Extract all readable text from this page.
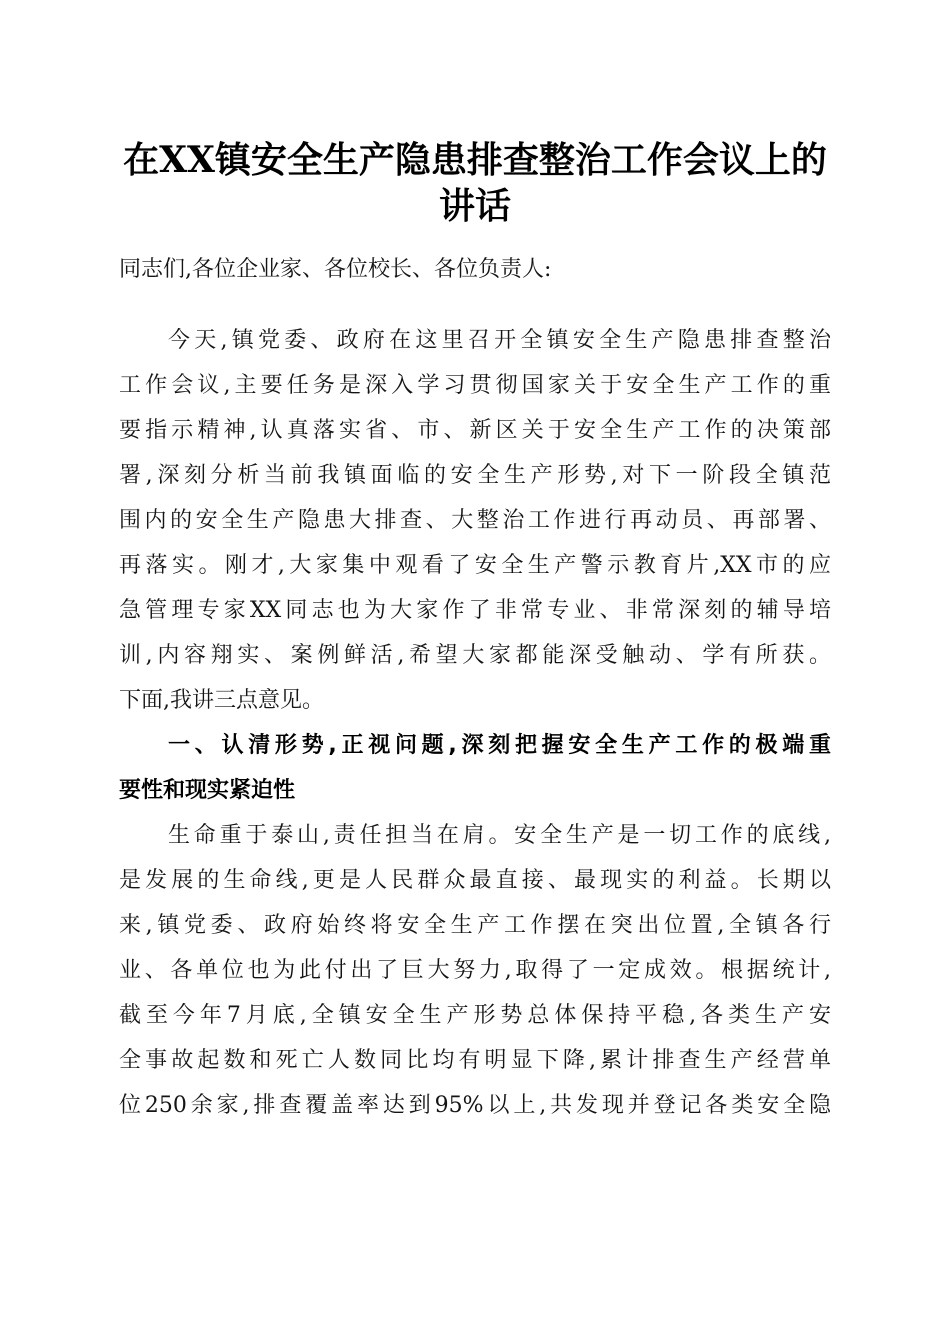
在XX镇安全生产隐患排查整治工作会议上的
讲话
同志们,各位企业家、各位校长、各位负责人:
今天,镇党委、政府在这里召开全镇安全生产隐患排查整治
工作会议,主要任务是深入学习贯彻国家关于安全生产工作的重
要指示精神,认真落实省、市、新区关于安全生产工作的决策部
署,深刻分析当前我镇面临的安全生产形势,对下一阶段全镇范
围内的安全生产隐患大排查、大整治工作进行再动员、再部署、
再落实。刚才,大家集中观看了安全生产警示教育片,XX市的应
急管理专家XX同志也为大家作了非常专业、非常深刻的辅导培
训,内容翔实、案例鲜活,希望大家都能深受触动、学有所获。
下面,我讲三点意见。
一、认清形势,正视问题,深刻把握安全生产工作的极端重
要性和现实紧迫性
生命重于泰山,责任担当在肩。安全生产是一切工作的底线,
是发展的生命线,更是人民群众最直接、最现实的利益。长期以
来,镇党委、政府始终将安全生产工作摆在突出位置,全镇各行
业、各单位也为此付出了巨大努力,取得了一定成效。根据统计,
截至今年7月底,全镇安全生产形势总体保持平稳,各类生产安
全事故起数和死亡人数同比均有明显下降,累计排查生产经营单
位250余家,排查覆盖率达到95%以上,共发现并登记各类安全隐
